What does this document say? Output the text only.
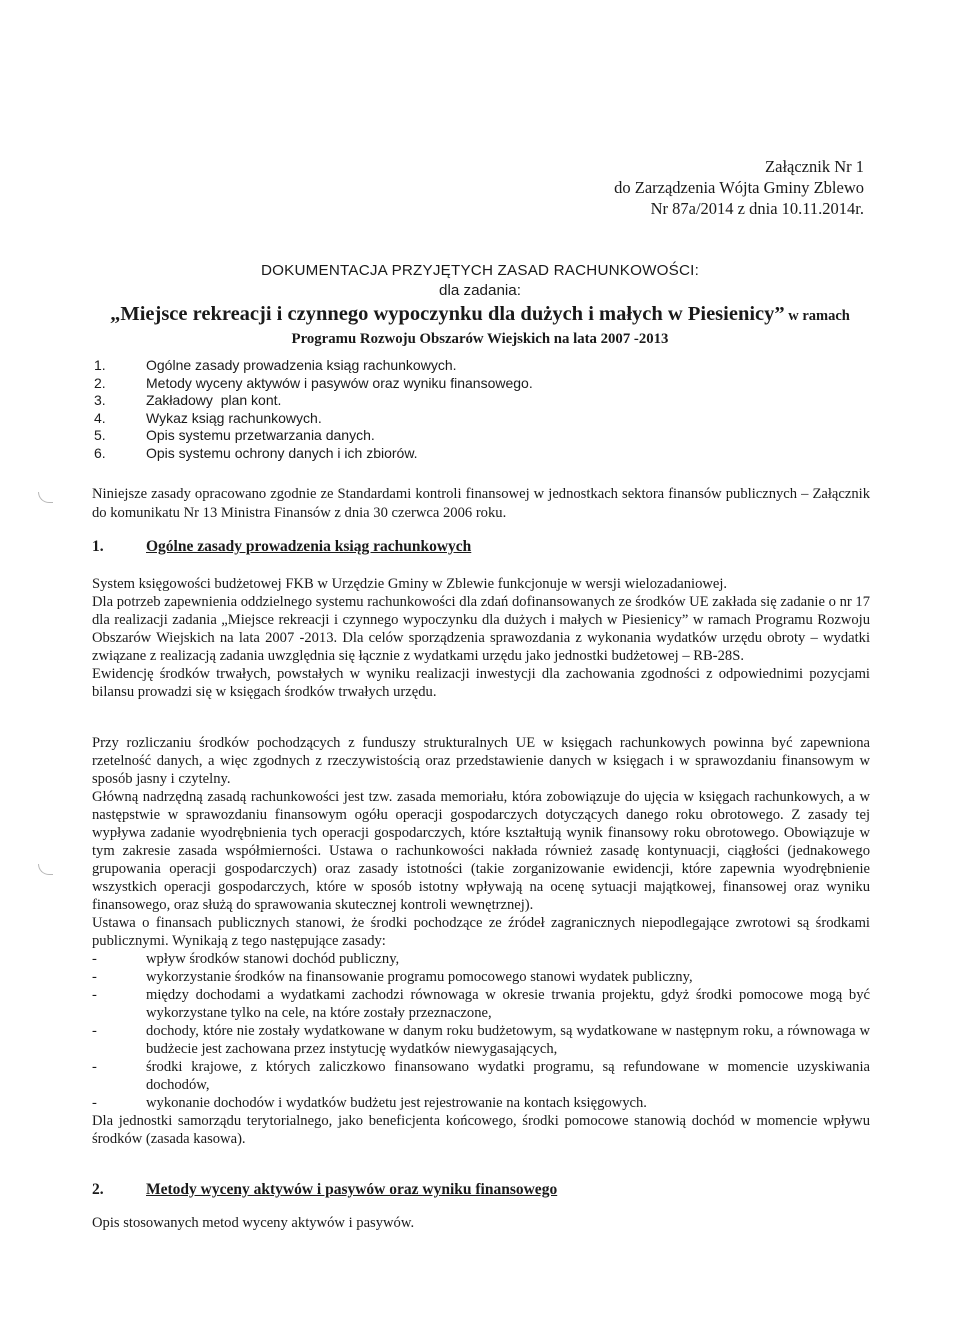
Załącznik Nr 1
do Zarządzenia Wójta Gminy Zblewo
Nr 87a/2014 z dnia 10.11.2014r.
DOKUMENTACJA PRZYJĘTYCH ZASAD RACHUNKOWOŚCI:
dla zadania:
„Miejsce rekreacji i czynnego wypoczynku dla dużych i małych w Piesienicy” w ramach
Programu Rozwoju Obszarów Wiejskich na lata 2007 -2013
1.	Ogólne zasady prowadzenia ksiąg rachunkowych.
2.	Metody wyceny aktywów i pasywów oraz wyniku finansowego.
3.	Zakładowy  plan kont.
4.	Wykaz ksiąg rachunkowych.
5.	Opis systemu przetwarzania danych.
6.	Opis systemu ochrony danych i ich zbiorów.
Niniejsze zasady opracowano zgodnie ze Standardami kontroli finansowej w jednostkach sektora finansów publicznych – Załącznik do komunikatu Nr 13 Ministra Finansów z dnia 30 czerwca 2006 roku.
1.	Ogólne zasady prowadzenia ksiąg rachunkowych

System księgowości budżetowej FKB w Urzędzie Gminy w Zblewie funkcjonuje w wersji wielozadaniowej.

Dla potrzeb zapewnienia oddzielnego systemu rachunkowości dla zdań dofinansowanych ze środków UE zakłada się zadanie o nr 17 dla realizacji zadania „Miejsce rekreacji i czynnego wypoczynku dla dużych i małych w Piesienicy” w ramach Programu Rozwoju Obszarów Wiejskich na lata 2007 -2013. Dla celów sporządzenia sprawozdania z wykonania wydatków urzędu obroty – wydatki związane z realizacją zadania uwzględnia się łącznie z wydatkami urzędu jako jednostki budżetowej – RB-28S.

Ewidencję środków trwałych, powstałych w wyniku realizacji inwestycji dla zachowania zgodności z odpowiednimi pozycjami bilansu prowadzi się w księgach środków trwałych urzędu.

Przy rozliczaniu środków pochodzących z funduszy strukturalnych UE w księgach rachunkowych powinna być zapewniona rzetelność danych, a więc zgodnych z rzeczywistością oraz przedstawienie danych w księgach i w sprawozdaniu finansowym w sposób jasny i czytelny.

Główną nadrzędną zasadą rachunkowości jest tzw. zasada memoriału, która zobowiązuje do ujęcia w księgach rachunkowych, a w następstwie w sprawozdaniu finansowym ogółu operacji gospodarczych dotyczących danego roku obrotowego. Z zasady tej wypływa zadanie wyodrębnienia tych operacji gospodarczych, które kształtują wynik finansowy roku obrotowego. Obowiązuje w tym zakresie zasada współmierności. Ustawa o rachunkowości nakłada również zasadę kontynuacji, ciągłości (jednakowego grupowania operacji gospodarczych) oraz zasady istotności (takie zorganizowanie ewidencji, które zapewnia wyodrębnienie wszystkich operacji gospodarczych, które w sposób istotny wpływają na ocenę sytuacji majątkowej, finansowej oraz wyniku finansowego, oraz służą do sprawowania skutecznej kontroli wewnętrznej).

Ustawa o finansach publicznych stanowi, że środki pochodzące ze źródeł zagranicznych niepodlegające zwrotowi są środkami publicznymi. Wynikają z tego następujące zasady:

-	wpływ środków stanowi dochód publiczny,
-	wykorzystanie środków na finansowanie programu pomocowego stanowi wydatek publiczny,
-	między dochodami a wydatkami zachodzi równowaga w okresie trwania projektu, gdyż środki pomocowe mogą być wykorzystane tylko na cele, na które zostały przeznaczone,
-	dochody, które nie zostały wydatkowane w danym roku budżetowym, są wydatkowane w następnym roku, a równowaga w budżecie jest zachowana przez instytucję wydatków niewygasających,
-	środki krajowe, z których zaliczkowo finansowano wydatki programu, są refundowane w momencie uzyskiwania dochodów,
-	wykonanie dochodów i wydatków budżetu jest rejestrowanie na kontach księgowych.

Dla jednostki samorządu terytorialnego, jako beneficjenta końcowego, środki pomocowe stanowią dochód w momencie wpływu środków (zasada kasowa).

2.	Metody wyceny aktywów i pasywów oraz wyniku finansowego
Opis stosowanych metod wyceny aktywów i pasywów.
